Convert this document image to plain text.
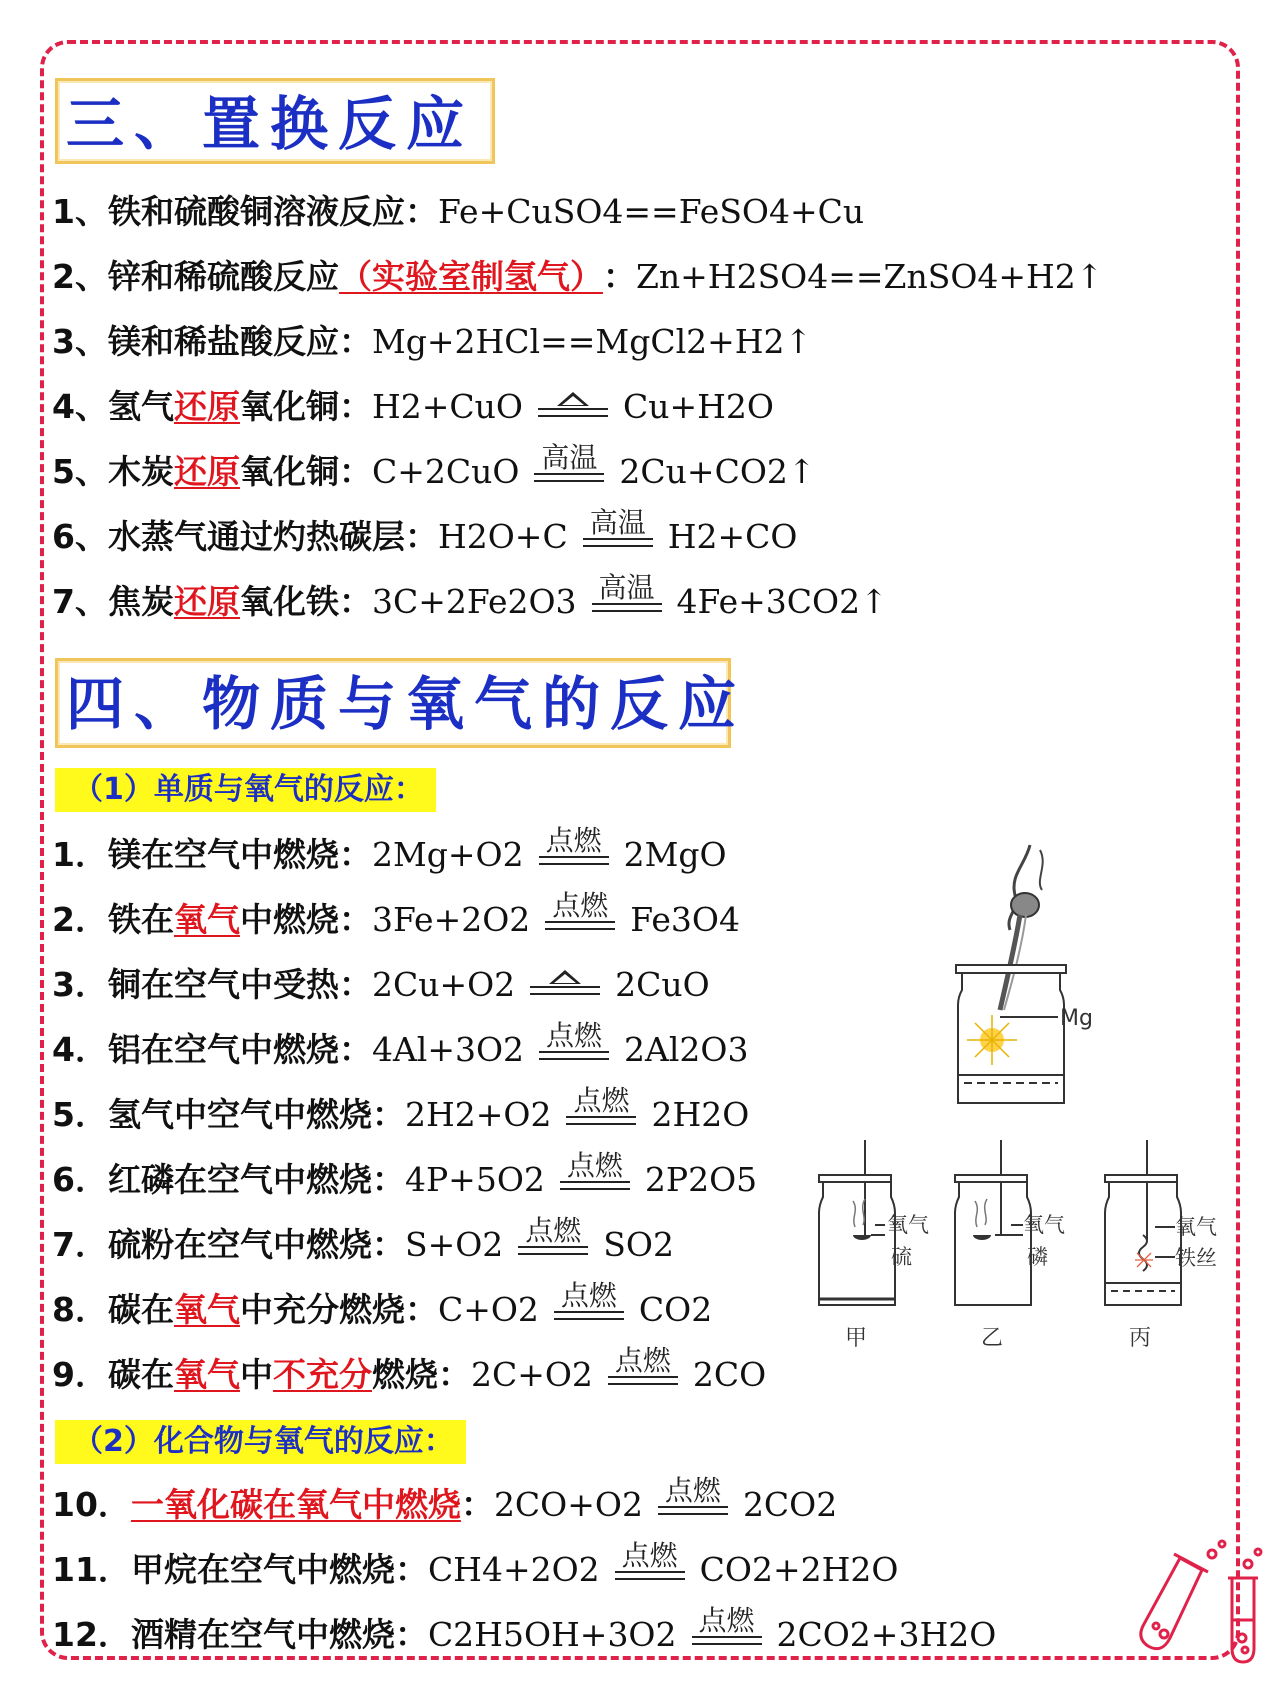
三、置换反应
1、 铁和硫酸铜溶液反应： Fe+CuSO4==FeSO4+Cu
2、 锌和稀硫酸反应 （实验室制氢气） ： Zn+H2SO4==ZnSO4+H2↑
3、 镁和稀盐酸反应： Mg+2HCl==MgCl2+H2↑
4、 氢气 还原 氧化铜： H2+CuO	Cu+H2O
5、 木炭 还原 氧化铜： C+2CuO 高温 2Cu+CO2↑
6、 水蒸气通过灼热碳层： H2O+C 高温 H2+CO
7、 焦炭 还原 氧化铁： 3C+2Fe2O3 高温 4Fe+3CO2↑
四、物质与氧气的反应
（1）单质与氧气的反应：
1． 镁在空气中燃烧： 2Mg+O2 点燃 2MgO
2． 铁在 氧气 中燃烧： 3Fe+2O2 点燃 Fe3O4
3． 铜在空气中受热： 2Cu+O2	2CuO
4． 铝在空气中燃烧： 4Al+3O2 点燃 2Al2O3
5． 氢气中空气中燃烧： 2H2+O2 点燃 2H2O
6． 红磷在空气中燃烧： 4P+5O2 点燃 2P2O5
7． 硫粉在空气中燃烧： S+O2 点燃 SO2
8． 碳在 氧气 中充分燃烧： C+O2 点燃 CO2
9． 碳在 氧气 中 不充分 燃烧： 2C+O2 点燃 2CO
（2）化合物与氧气的反应：
10． 一氧化碳在氧气中燃烧 ： 2CO+O2 点燃 2CO2
11． 甲烷在空气中燃烧： CH4+2O2 点燃 CO2+2H2O
12． 酒精在空气中燃烧： C2H5OH+3O2 点燃 2CO2+3H2O
Mg
氧气
硫
甲
氧气
磷
乙
氧气
铁丝
丙
